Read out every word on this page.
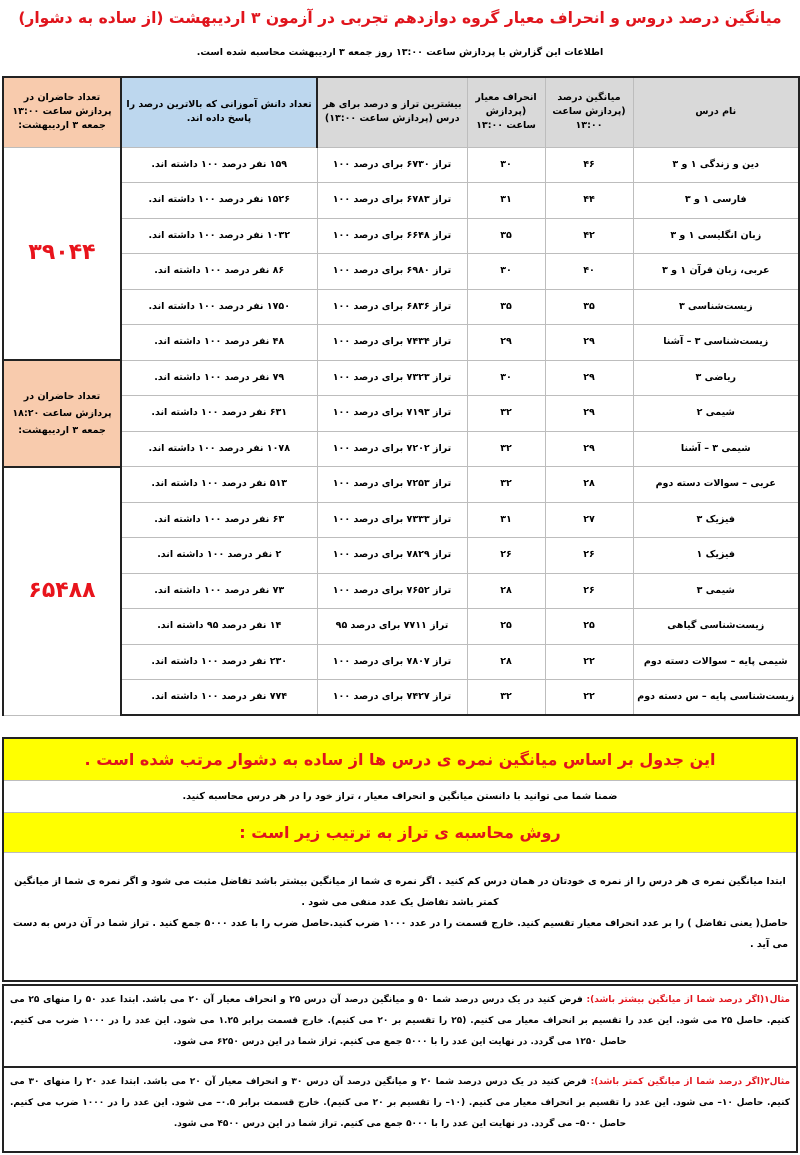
میانگین درصد دروس و انحراف معیار گروه دوازدهم تجربی در آزمون ۳ اردیبهشت (از ساده به دشوار)
اطلاعات این گزارش با پردازش ساعت ۱۳:۰۰ روز جمعه ۳ اردیبهشت محاسبه شده است.
نام درس	میانگین درصد (پردازش ساعت ۱۳:۰۰	انحراف معیار (پردازش ساعت ۱۳:۰۰	بیشترین تراز و درصد برای هر درس (پردازش ساعت ۱۳:۰۰)	تعداد دانش آموزانی که بالاترین درصد را پاسخ داده اند.	تعداد حاضران در پردازش ساعت ۱۳:۰۰ جمعه ۳ اردیبهشت:
دین و زندگی ۱ و ۳	۴۶	۳۰	تراز ۶۷۳۰ برای درصد ۱۰۰	۱۵۹ نفر درصد ۱۰۰ داشته اند.	۳۹۰۴۴
فارسی ۱ و ۳	۴۴	۳۱	تراز ۶۷۸۳ برای درصد ۱۰۰	۱۵۲۶ نفر درصد ۱۰۰ داشته اند.	
زبان انگلیسی ۱ و ۳	۴۲	۳۵	تراز ۶۶۴۸ برای درصد ۱۰۰	۱۰۳۲ نفر درصد ۱۰۰ داشته اند.	
عربی، زبان قرآن ۱ و ۳	۴۰	۳۰	تراز ۶۹۸۰ برای درصد ۱۰۰	۸۶ نفر درصد ۱۰۰ داشته اند.	
زیست‌شناسی ۳	۳۵	۳۵	تراز ۶۸۳۶ برای درصد ۱۰۰	۱۷۵۰ نفر درصد ۱۰۰ داشته اند.	
زیست‌شناسی ۳ – آشنا	۲۹	۲۹	تراز ۷۴۳۴ برای درصد ۱۰۰	۴۸ نفر درصد ۱۰۰ داشته اند.	
ریاضی ۳	۲۹	۳۰	تراز ۷۳۲۳ برای درصد ۱۰۰	۷۹ نفر درصد ۱۰۰ داشته اند.	تعداد حاضران در پردازش ساعت ۱۸:۲۰ جمعه ۳ اردیبهشت:
شیمی ۲	۲۹	۳۲	تراز ۷۱۹۳ برای درصد ۱۰۰	۶۳۱ نفر درصد ۱۰۰ داشته اند.	
شیمی ۳ – آشنا	۲۹	۳۲	تراز ۷۲۰۲ برای درصد ۱۰۰	۱۰۷۸ نفر درصد ۱۰۰ داشته اند.	
عربی – سوالات دسته دوم	۲۸	۳۲	تراز ۷۲۵۳ برای درصد ۱۰۰	۵۱۳ نفر درصد ۱۰۰ داشته اند.	۶۵۴۸۸
فیزیک ۳	۲۷	۳۱	تراز ۷۳۳۳ برای درصد ۱۰۰	۶۳ نفر درصد ۱۰۰ داشته اند.	
فیزیک ۱	۲۶	۲۶	تراز ۷۸۲۹ برای درصد ۱۰۰	۲ نفر درصد ۱۰۰ داشته اند.	
شیمی ۳	۲۶	۲۸	تراز ۷۶۵۲ برای درصد ۱۰۰	۷۳ نفر درصد ۱۰۰ داشته اند.	
زیست‌شناسی گیاهی	۲۵	۲۵	تراز ۷۷۱۱ برای درصد ۹۵	۱۴ نفر درصد ۹۵ داشته اند.	
شیمی پایه – سوالات دسته دوم	۲۲	۲۸	تراز ۷۸۰۷ برای درصد ۱۰۰	۲۳۰ نفر درصد ۱۰۰ داشته اند.	
زیست‌شناسی پایه – س دسته دوم	۲۲	۳۲	تراز ۷۴۲۷ برای درصد ۱۰۰	۷۷۴ نفر درصد ۱۰۰ داشته اند.	
این جدول بر اساس میانگین نمره ی درس ها از ساده به دشوار مرتب شده است .
ضمنا شما می توانید با دانستن میانگین و انحراف معیار ، تراز خود را در هر درس محاسبه کنید.
روش محاسبه ی تراز به ترتیب زیر است :

ابتدا میانگین نمره ی هر درس را از نمره ی خودتان در همان درس کم کنید . اگر نمره ی شما از میانگین بیشتر باشد تفاضل مثبت می شود و اگر نمره ی شما از میانگین کمتر باشد تفاضل یک عدد منفی می شود .

حاصل( یعنی تفاضل ) را بر عدد انحراف معیار تقسیم کنید. خارج قسمت را در عدد ۱۰۰۰ ضرب کنید.حاصل ضرب را با عدد ۵۰۰۰ جمع کنید . تراز شما در آن درس به دست می آید .

مثال۱(اگر درصد شما از میانگین بیشتر باشد): فرض کنید در یک درس درصد شما ۵۰ و میانگین درصد آن درس ۲۵ و انحراف معیار آن ۲۰ می باشد. ابتدا عدد ۵۰ را منهای ۲۵ می کنیم. حاصل ۲۵ می شود. این عدد را تقسیم بر انحراف معیار می کنیم. (۲۵ را تقسیم بر ۲۰ می کنیم). خارج قسمت برابر ۱.۲۵ می شود. این عدد را در ۱۰۰۰ ضرب می کنیم. حاصل ۱۲۵۰ می گردد. در نهایت این عدد را با ۵۰۰۰ جمع می کنیم. تراز شما در این درس ۶۲۵۰ می شود.
مثال۲(اگر درصد شما از میانگین کمتر باشد): فرض کنید در یک درس درصد شما ۲۰ و میانگین درصد آن درس ۳۰ و انحراف معیار آن ۲۰ می باشد. ابتدا عدد ۲۰ را منهای ۳۰ می کنیم. حاصل ۱۰– می شود. این عدد را تقسیم بر انحراف معیار می کنیم. (۱۰– را تقسیم بر ۲۰ می کنیم). خارج قسمت برابر ۰.۵– می شود. این عدد را در ۱۰۰۰ ضرب می کنیم. حاصل ۵۰۰– می گردد. در نهایت این عدد را با ۵۰۰۰ جمع می کنیم. تراز شما در این درس ۴۵۰۰ می شود.
